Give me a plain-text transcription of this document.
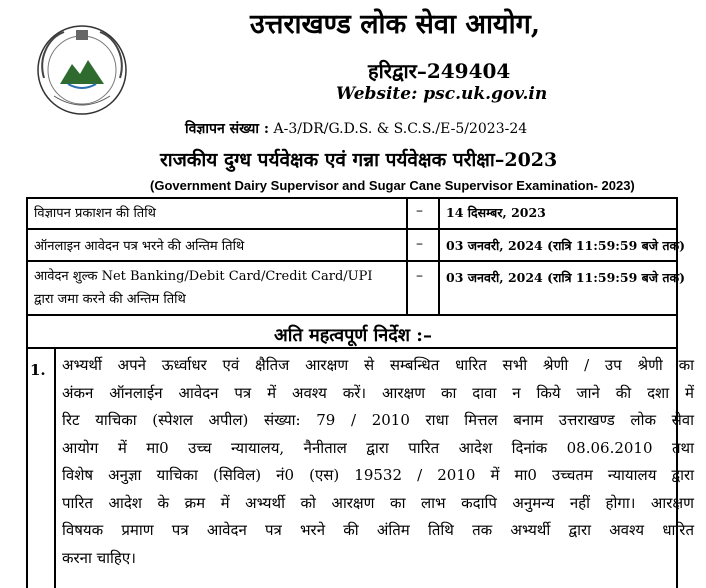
उत्तराखण्ड लोक सेवा आयोग,
हरिद्वार–249404
Website: psc.uk.gov.in
विज्ञापन संख्या : A-3/DR/G.D.S. & S.C.S./E-5/2023-24
राजकीय दुग्ध पर्यवेक्षक एवं गन्ना पर्यवेक्षक परीक्षा–2023
(Government Dairy Supervisor and Sugar Cane Supervisor Examination- 2023)
विज्ञापन प्रकाशन की तिथि	– 14 दिसम्बर, 2023
ऑनलाइन आवेदन पत्र भरने की अन्तिम तिथि	– 03 जनवरी, 2024 (रात्रि 11:59:59 बजे तक)
आवेदन शुल्क Net Banking/Debit Card/Credit Card/UPI
द्वारा जमा करने की अन्तिम तिथि
– 03 जनवरी, 2024 (रात्रि 11:59:59 बजे तक)
अति महत्वपूर्ण निर्देश :–
1. अभ्यर्थी अपने ऊर्ध्वाधर एवं क्षैतिज आरक्षण से सम्बन्धित धारित सभी श्रेणी / उप श्रेणी का
अंकन ऑनलाईन आवेदन पत्र में अवश्य करें। आरक्षण का दावा न किये जाने की दशा में
रिट याचिका (स्पेशल अपील) संख्या: 79 / 2010 राधा मित्तल बनाम उत्तराखण्ड लोक सेवा
आयोग में मा0 उच्च न्यायालय, नैनीताल द्वारा पारित आदेश दिनांक 08.06.2010 तथा
विशेष अनुज्ञा याचिका (सिविल) नं0 (एस) 19532 / 2010 में मा0 उच्चतम न्यायालय द्वारा
पारित आदेश के क्रम में अभ्यर्थी को आरक्षण का लाभ कदापि अनुमन्य नहीं होगा। आरक्षण
विषयक प्रमाण पत्र आवेदन पत्र भरने की अंतिम तिथि तक अभ्यर्थी द्वारा अवश्य धारित
करना चाहिए।
